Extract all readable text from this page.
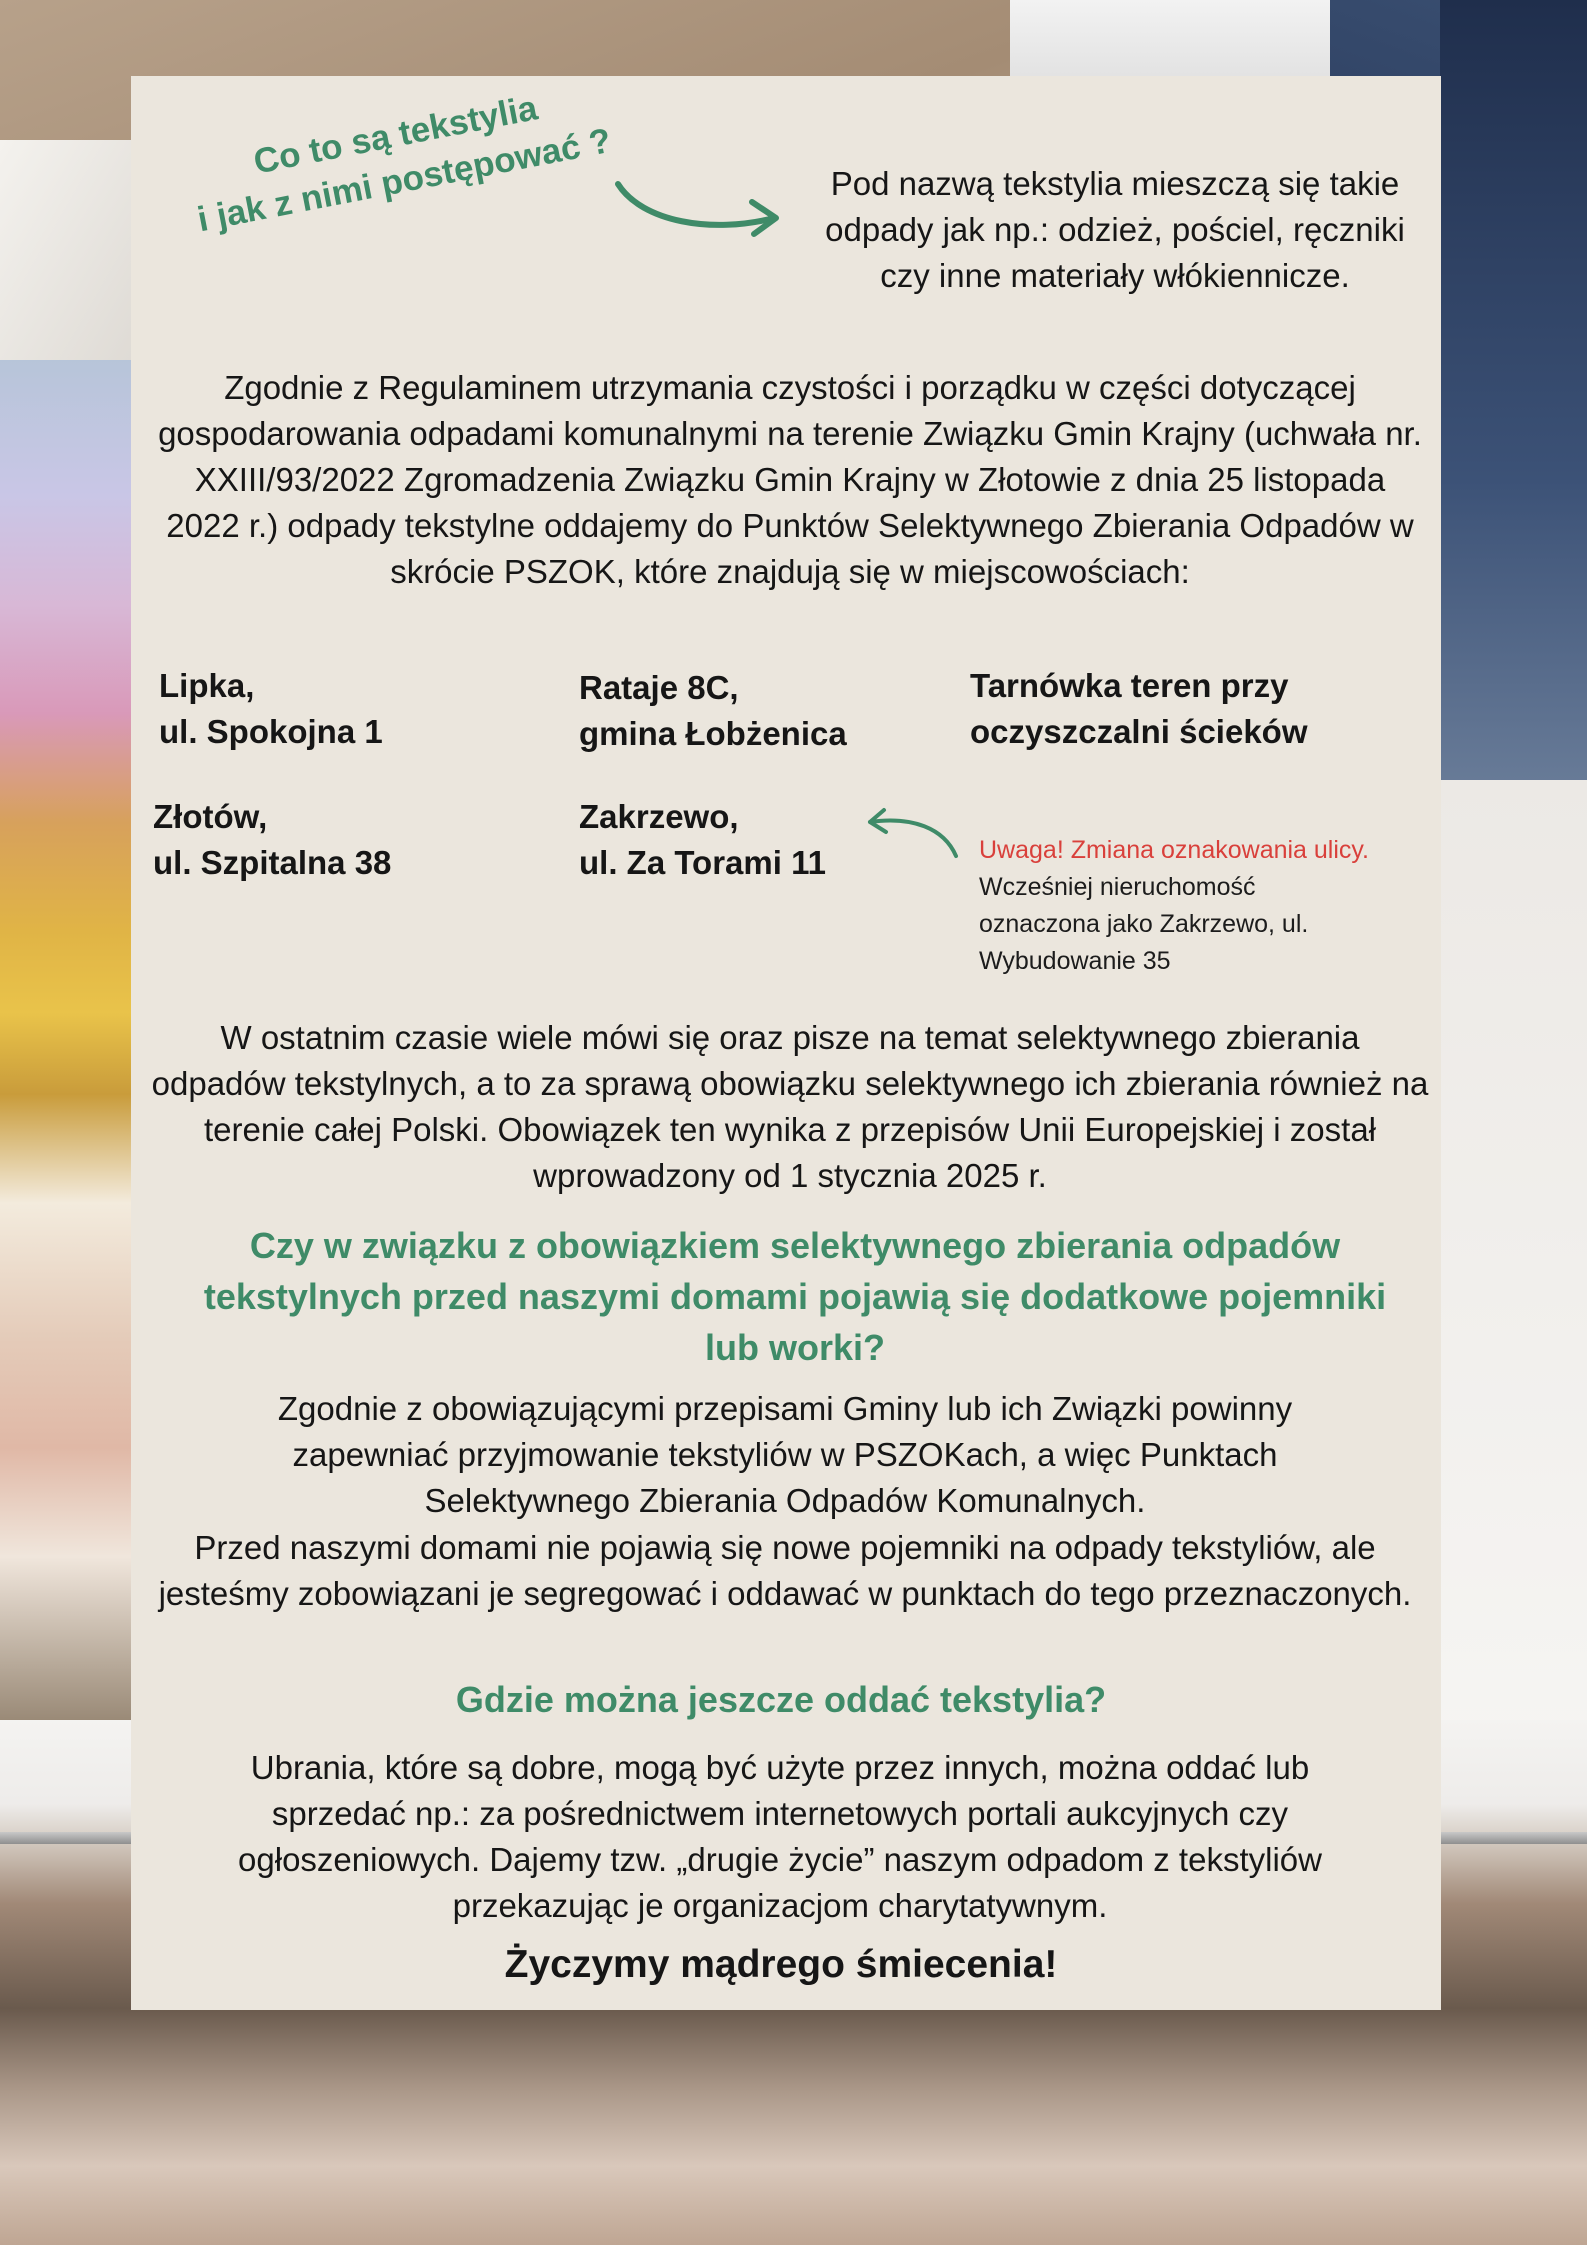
Co to są tekstylia
i jak z nimi postępować ?	Pod nazwą tekstylia mieszczą się takie odpady jak np.: odzież, pościel, ręczniki czy inne materiały włókiennicze.
Zgodnie z Regulaminem utrzymania czystości i porządku w części dotyczącej gospodarowania odpadami komunalnymi na terenie Związku Gmin Krajny (uchwała nr. XXIII/93/2022 Zgromadzenia Związku Gmin Krajny w Złotowie z dnia 25 listopada 2022 r.) odpady tekstylne oddajemy do Punktów Selektywnego Zbierania Odpadów w skrócie PSZOK, które znajdują się w miejscowościach:
Lipka,
ul. Spokojna 1
Rataje 8C,
gmina Łobżenica
Tarnówka teren przy
oczyszczalni ścieków
Złotów,
ul. Szpitalna 38
Zakrzewo,
ul. Za Torami 11	Uwaga! Zmiana oznakowania ulicy.
Wcześniej nieruchomość oznaczona jako Zakrzewo, ul. Wybudowanie 35
W ostatnim czasie wiele mówi się oraz pisze na temat selektywnego zbierania odpadów tekstylnych, a to za sprawą obowiązku selektywnego ich zbierania również na terenie całej Polski. Obowiązek ten wynika z przepisów Unii Europejskiej i został wprowadzony od 1 stycznia 2025 r.
Czy w związku z obowiązkiem selektywnego zbierania odpadów tekstylnych przed naszymi domami pojawią się dodatkowe pojemniki lub worki?
Zgodnie z obowiązującymi przepisami Gminy lub ich Związki powinny zapewniać przyjmowanie tekstyliów w PSZOKach, a więc Punktach Selektywnego Zbierania Odpadów Komunalnych.
Przed naszymi domami nie pojawią się nowe pojemniki na odpady tekstyliów, ale jesteśmy zobowiązani je segregować i oddawać w punktach do tego przeznaczonych.
Gdzie można jeszcze oddać tekstylia?
Ubrania, które są dobre, mogą być użyte przez innych, można oddać lub sprzedać np.: za pośrednictwem internetowych portali aukcyjnych czy ogłoszeniowych. Dajemy tzw. „drugie życie” naszym odpadom z tekstyliów przekazując je organizacjom charytatywnym.
Życzymy mądrego śmiecenia!
